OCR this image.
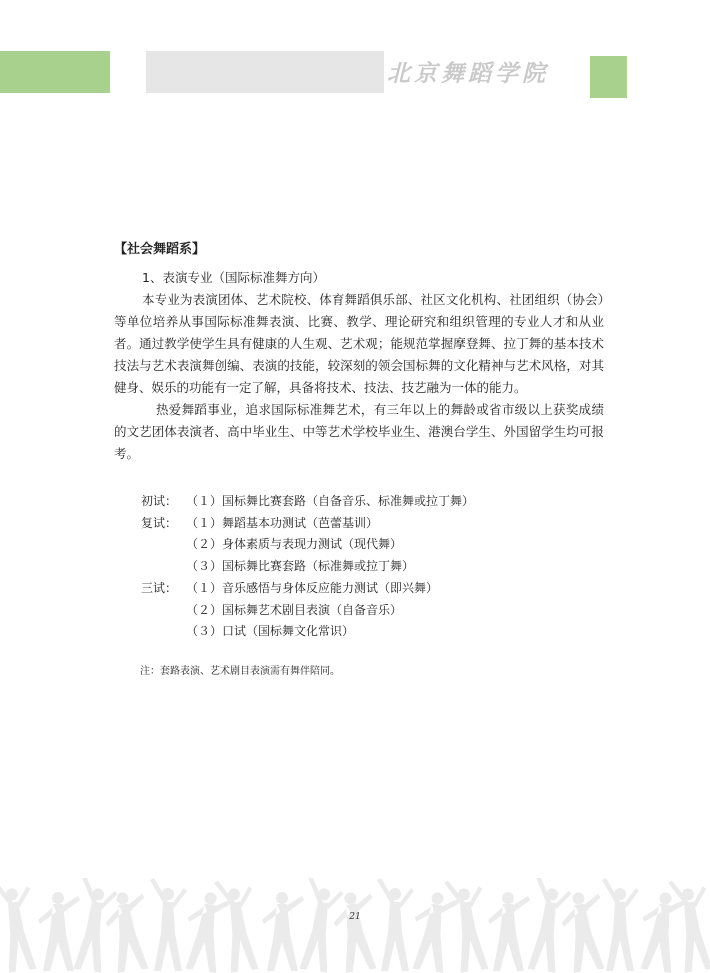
北京舞蹈学院
【社会舞蹈系】
1、表演专业（国际标准舞方向）

本专业为表演团体、艺术院校、体育舞蹈俱乐部、社区文化机构、社团组织（协会）等单位培养从事国际标准舞表演、比赛、教学、理论研究和组织管理的专业人才和从业者。通过教学使学生具有健康的人生观、艺术观；能规范掌握摩登舞、拉丁舞的基本技术技法与艺术表演舞创编、表演的技能，较深刻的领会国标舞的文化精神与艺术风格，对其健身、娱乐的功能有一定了解，具备将技术、技法、技艺融为一体的能力。

热爱舞蹈事业，追求国际标准舞艺术，有三年以上的舞龄或省市级以上获奖成绩的文艺团体表演者、高中毕业生、中等艺术学校毕业生、港澳台学生、外国留学生均可报考。

初试： （１）国标舞比赛套路（自备音乐、标准舞或拉丁舞）
复试： （１）舞蹈基本功测试（芭蕾基训）
（２）身体素质与表现力测试（现代舞）
（３）国标舞比赛套路（标准舞或拉丁舞）
三试： （１）音乐感悟与身体反应能力测试（即兴舞）
（２）国标舞艺术剧目表演（自备音乐）
（３）口试（国标舞文化常识）
注：套路表演、艺术剧目表演需有舞伴陪同。
21
